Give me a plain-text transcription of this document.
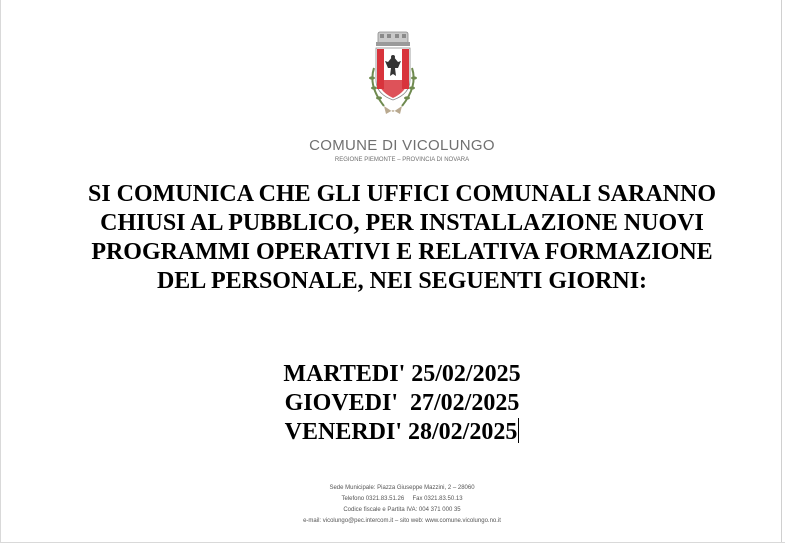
COMUNE DI VICOLUNGO
REGIONE PIEMONTE – PROVINCIA DI NOVARA
SI COMUNICA CHE GLI UFFICI COMUNALI SARANNO
CHIUSI AL PUBBLICO, PER INSTALLAZIONE NUOVI
PROGRAMMI OPERATIVI E RELATIVA FORMAZIONE
DEL PERSONALE, NEI SEGUENTI GIORNI:
MARTEDI' 25/02/2025
GIOVEDI'  27/02/2025
VENERDI' 28/02/2025
Sede Municipale: Piazza Giuseppe Mazzini, 2 – 28060
Telefono 0321.83.51.26     Fax 0321.83.50.13
Codice fiscale e Partita IVA: 004 371 000 35
e-mail: vicolungo@pec.intercom.it – sito web: www.comune.vicolungo.no.it
